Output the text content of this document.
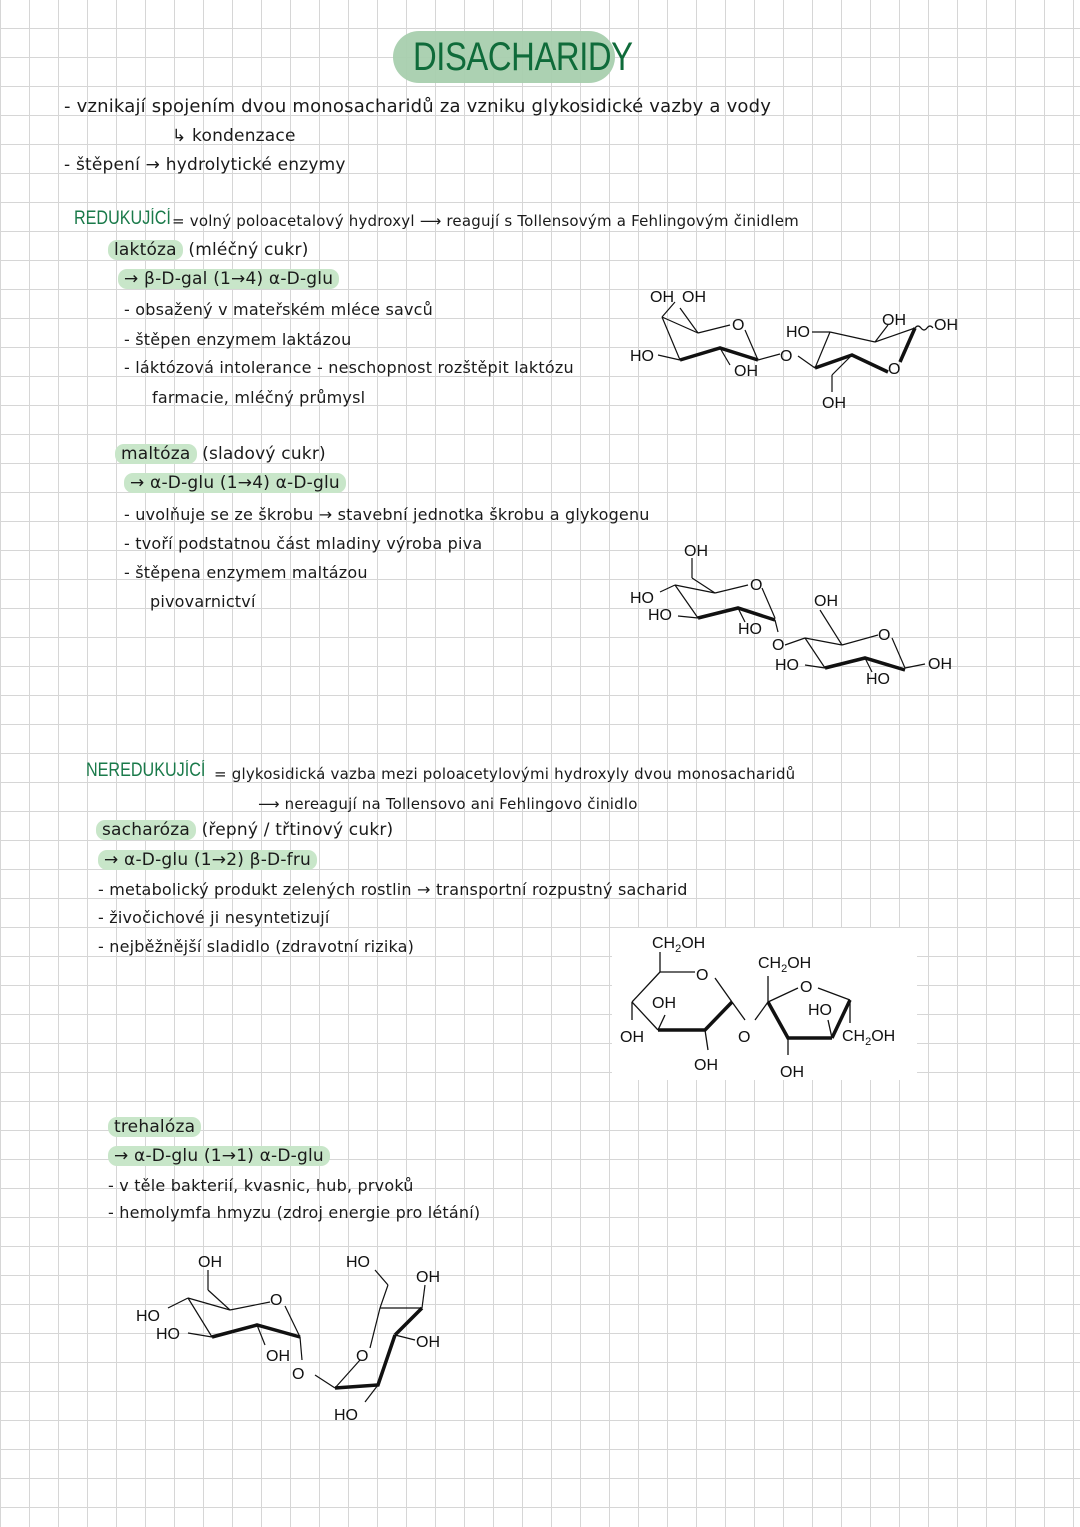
DISACHARIDY
- vznikají spojením dvou monosacharidů za vzniku glykosidické vazby a vody
↳ kondenzace
- štěpení → hydrolytické enzymy
REDUKUJÍCÍ = volný poloacetalový hydroxyl ⟶ reagují s Tollensovým a Fehlingovým činidlem
laktóza (mléčný cukr)
→ β-D-gal (1→4) α-D-glu
- obsažený v mateřském mléce savců
- štěpen enzymem laktázou
- láktózová intolerance - neschopnost rozštěpit laktózu
farmacie, mléčný průmysl
OH OH
O
HO
OH
O
HO
OH OH
O
OH
maltóza (sladový cukr)
→ α-D-glu (1→4) α-D-glu
- uvolňuje se ze škrobu → stavební jednotka škrobu a glykogenu
- tvoří podstatnou část mladiny výroba piva
- štěpena enzymem maltázou
pivovarnictví
OH
O
HO
HO
HO
O
OH
O
HO
HO
OH
NEREDUKUJÍCÍ = glykosidická vazba mezi poloacetylovými hydroxyly dvou monosacharidů
⟶ nereagují na Tollensovo ani Fehlingovo činidlo
sacharóza (řepný / třtinový cukr)
→ α-D-glu (1→2) β-D-fru
- metabolický produkt zelených rostlin → transportní rozpustný sacharid
- živočichové ji nesyntetizují
- nejběžnější sladidlo (zdravotní rizika)	$CH_2OH$
O
OH
OH
OH
O
$CH_2OH$
O
HO
$CH_2OH$
OH
trehalóza
→ α-D-glu (1→1) α-D-glu
- v těle bakterií, kvasnic, hub, prvoků
- hemolymfa hmyzu (zdroj energie pro létání)
OH
O
HO
HO
OH
O
HO
OH
OH
O
HO
